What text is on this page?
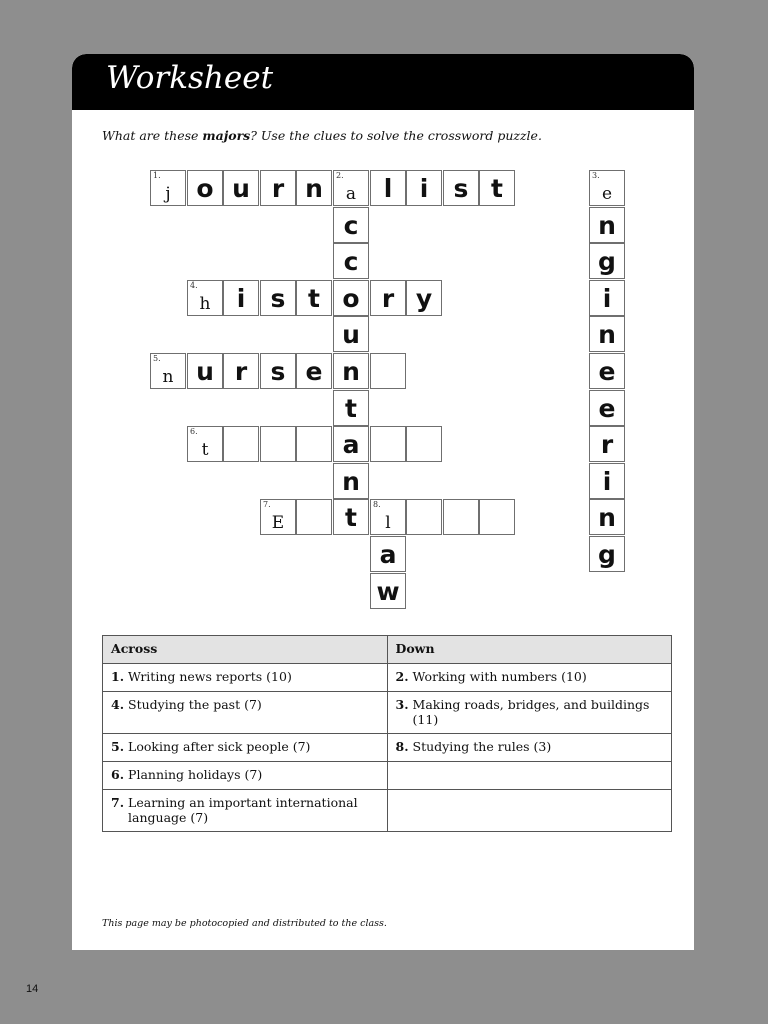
Worksheet
What are these majors? Use the clues to solve the crossword puzzle.
1.
j	o u r n	2.
a	l	i	s t
c
c
4.
h	i	s t o r y
u
5.
n u r s e n
t
6.
t	a
n
7.
E	t	8.
l
a
w
3.
e
n
g
i
n
e
e
r
i
n
g
Across	Down
1. Writing news reports (10)	2. Working with numbers (10)
4. Studying the past (7)	3. Making roads, bridges, and buildings (11)
5. Looking after sick people (7)	8. Studying the rules (3)
6. Planning holidays (7)	
7. Learning an important international language (7)	
This page may be photocopied and distributed to the class.
14
